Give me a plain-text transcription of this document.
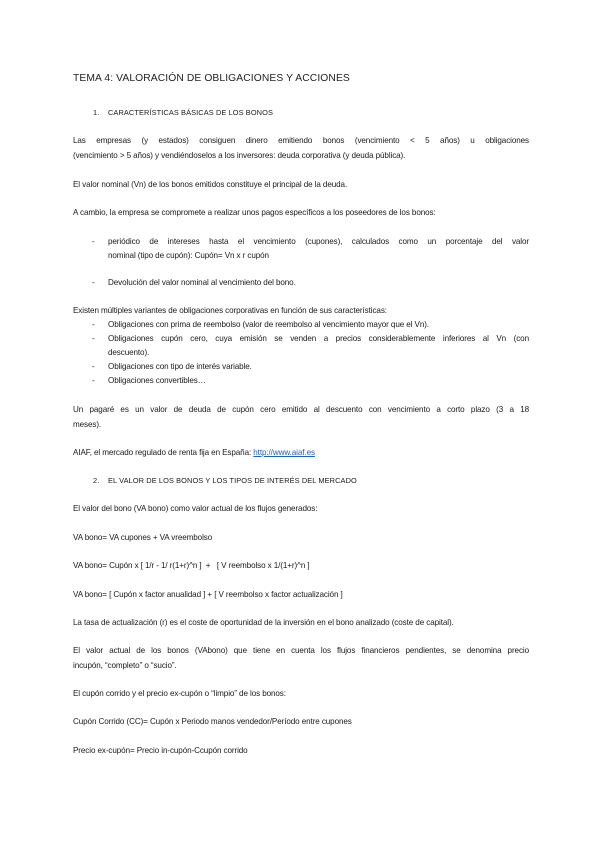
TEMA 4: VALORACIÓN DE OBLIGACIONES Y ACCIONES
1. CARACTERÍSTICAS BÁSICAS DE LOS BONOS
Las empresas (y estados) consiguen dinero emitiendo bonos (vencimiento < 5 años) u obligaciones
(vencimiento > 5 años) y vendiéndoselos a los inversores: deuda corporativa (y deuda pública).
El valor nominal (Vn) de los bonos emitidos constituye el principal de la deuda.
A cambio, la empresa se compromete a realizar unos pagos específicos a los poseedores de los bonos:
- periódico de intereses hasta el vencimiento (cupones), calculados como un porcentaje del valor
nominal (tipo de cupón): Cupón= Vn x r cupón
- Devolución del valor nominal al vencimiento del bono.
Existen múltiples variantes de obligaciones corporativas en función de sus características:
- Obligaciones con prima de reembolso (valor de reembolso al vencimiento mayor que el Vn).
- Obligaciones cupón cero, cuya emisión se venden a precios considerablemente inferiores al Vn (con
descuento).
- Obligaciones con tipo de interés variable.
- Obligaciones convertibles…
Un pagaré es un valor de deuda de cupón cero emitido al descuento con vencimiento a corto plazo (3 a 18
meses).
AIAF, el mercado regulado de renta fija en España: http://www.aiaf.es
2. EL VALOR DE LOS BONOS Y LOS TIPOS DE INTERÉS DEL MERCADO
El valor del bono (VA bono) como valor actual de los flujos generados:
VA bono= VA cupones + VA vreembolso
VA bono= Cupón x [ 1/r - 1/ r(1+r)^n ]  +   [ V reembolso x 1/(1+r)^n ]
VA bono= [ Cupón x factor anualidad ] + [ V reembolso x factor actualización ]
La tasa de actualización (r) es el coste de oportunidad de la inversión en el bono analizado (coste de capital).
El valor actual de los bonos (VAbono) que tiene en cuenta los flujos financieros pendientes, se denomina precio
incupón, “completo” o “sucio”.
El cupón corrido y el precio ex-cupón o “limpio” de los bonos:
Cupón Corrido (CC)= Cupón x Periodo manos vendedor/Período entre cupones
Precio ex-cupón= Precio in-cupón-Ccupón corrido
